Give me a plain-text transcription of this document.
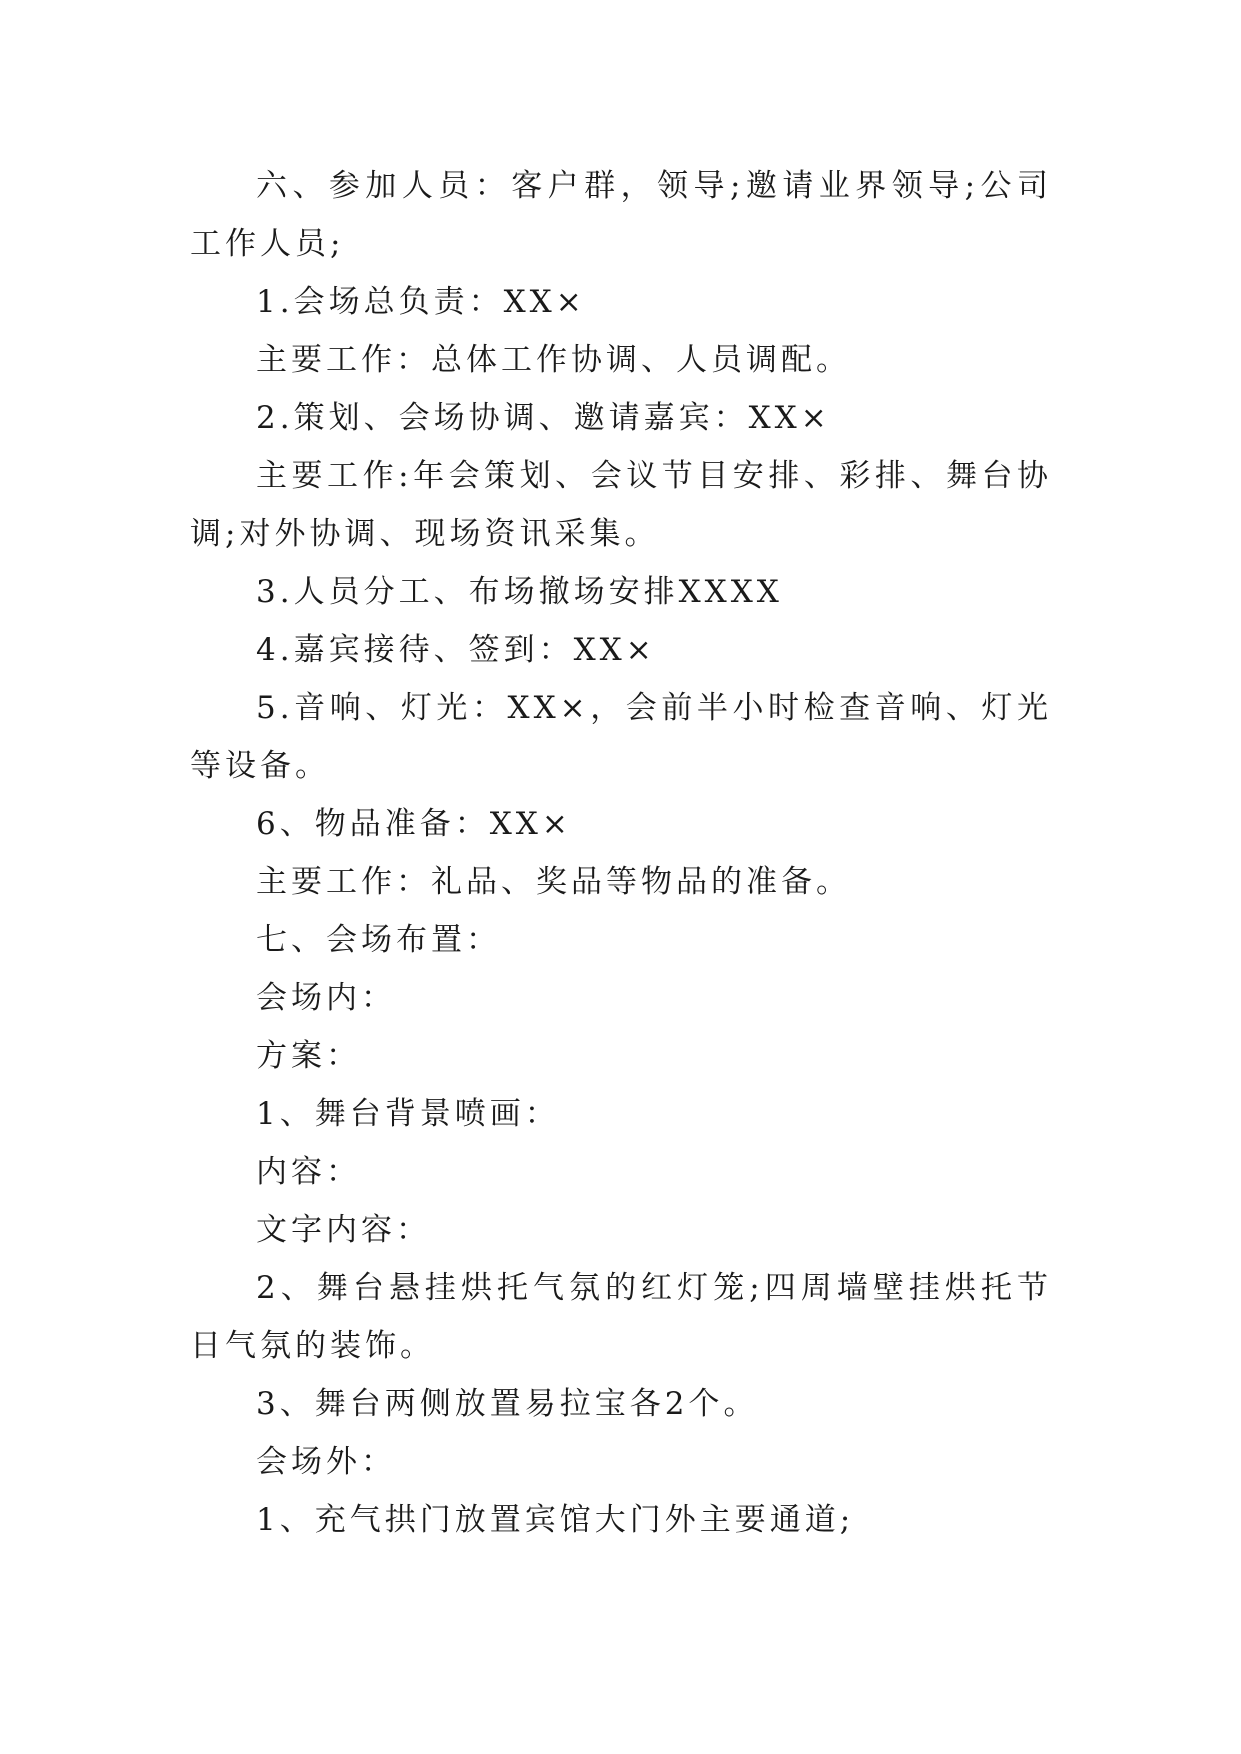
六、参加人员：客户群，领导;邀请业界领导;公司工作人员;

1.会场总负责：XX×

主要工作：总体工作协调、人员调配。

2.策划、会场协调、邀请嘉宾：XX×

主要工作:年会策划、会议节目安排、彩排、舞台协调;对外协调、现场资讯采集。

3.人员分工、布场撤场安排XXXX

4.嘉宾接待、签到：XX×

5.音响、灯光：XX×，会前半小时检查音响、灯光等设备。

6、物品准备：XX×

主要工作：礼品、奖品等物品的准备。

七、会场布置：

会场内：

方案：

1、舞台背景喷画：

内容：

文字内容：

2、舞台悬挂烘托气氛的红灯笼;四周墙壁挂烘托节日气氛的装饰。

3、舞台两侧放置易拉宝各2个。

会场外：

1、充气拱门放置宾馆大门外主要通道;
